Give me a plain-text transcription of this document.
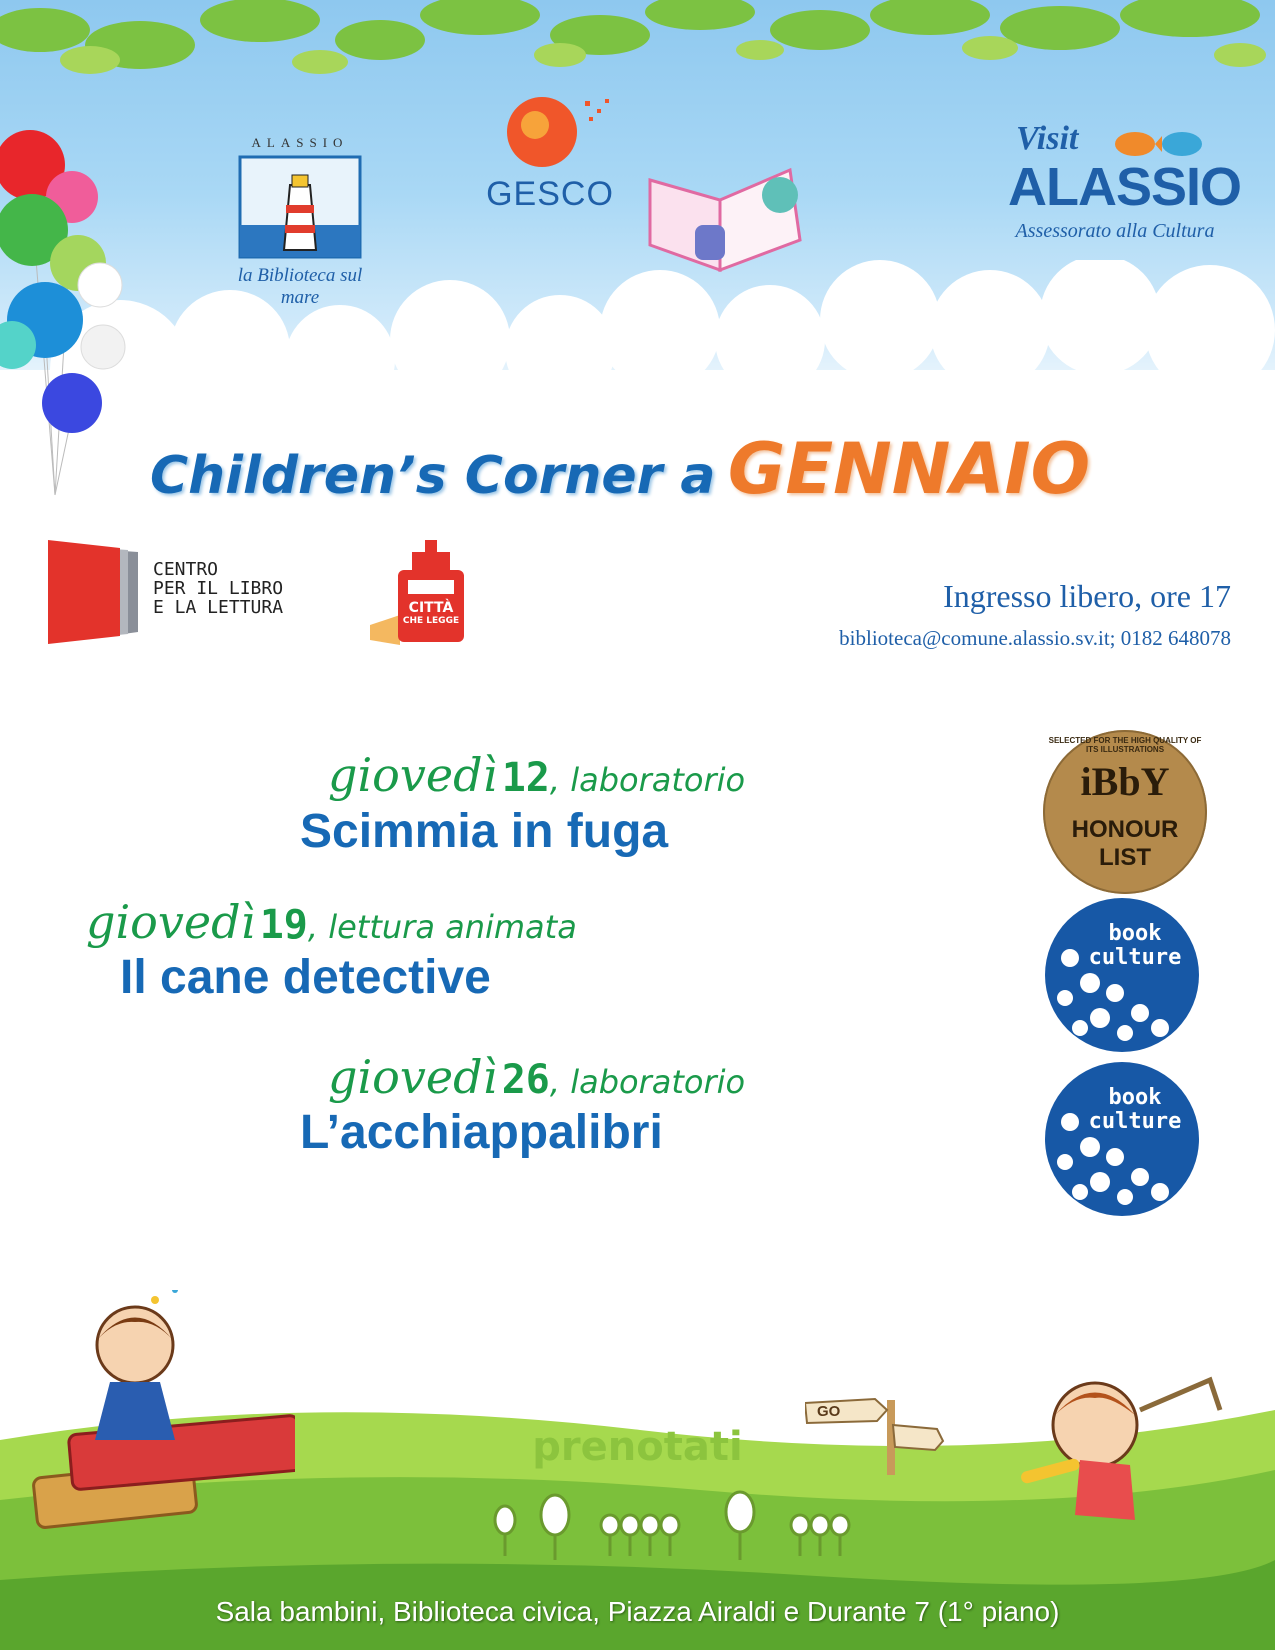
ALASSIO
la Biblioteca sul mare
GESCO
Visit
ALASSIO
Assessorato alla Cultura
Children’s Corner a GENNAIO
CENTRO
PER IL LIBRO
E LA LETTURA	CITTÀ
CHE LEGGE
Ingresso libero, ore 17
biblioteca@comune.alassio.sv.it; 0182 648078
giovedì 12, laboratorio
Scimmia in fuga
giovedì 19, lettura animata
Il cane detective
giovedì 26, laboratorio
L’acchiappalibri
SELECTED FOR THE HIGH QUALITY OF ITS ILLUSTRATIONS
iBbY
HONOUR
LIST
book
culture
book
culture
GO
prenotati
Sala bambini, Biblioteca civica, Piazza Airaldi e Durante 7 (1° piano)
